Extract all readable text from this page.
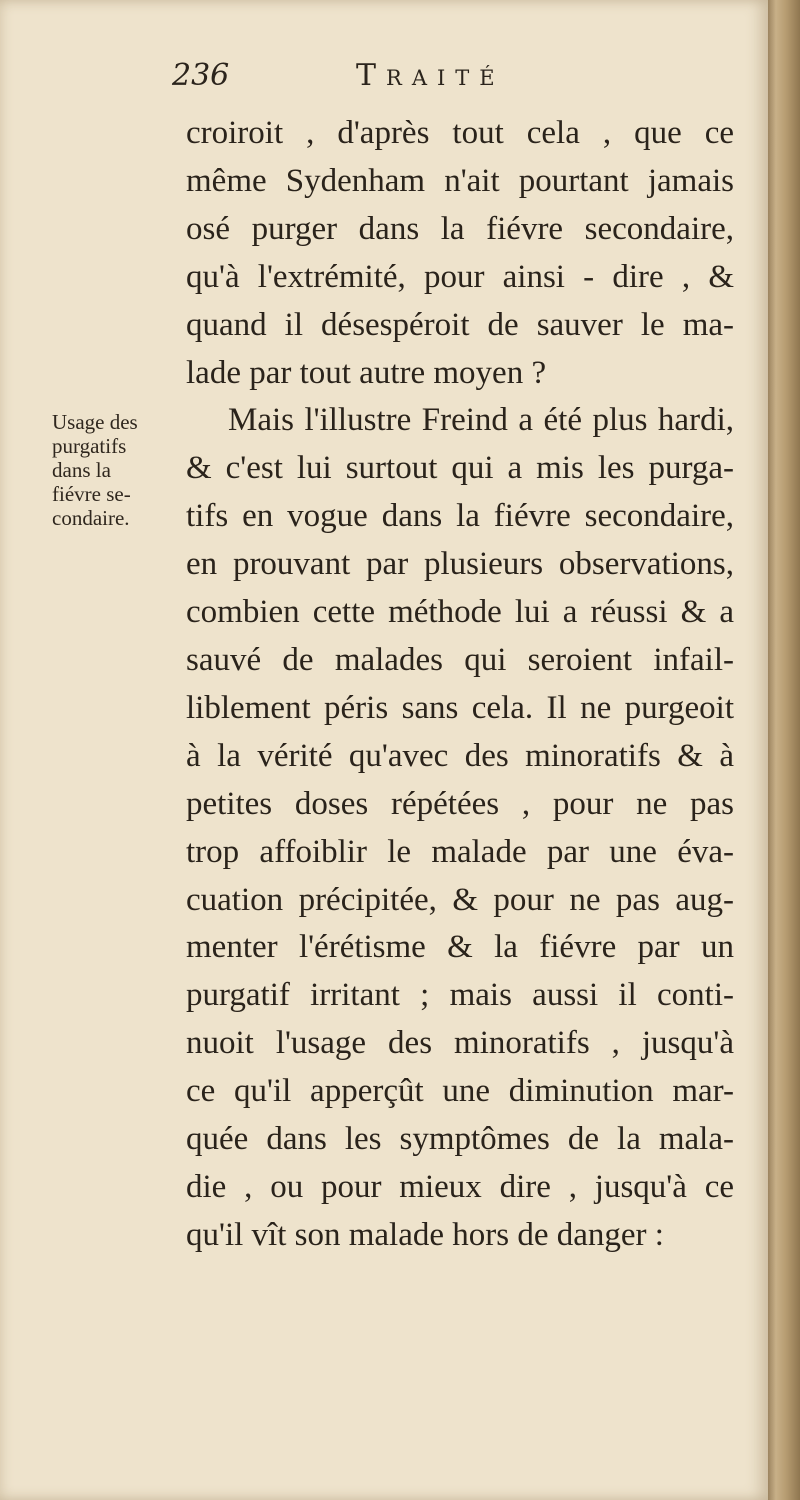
236	Traité
Usage des
purgatifs
dans la
fiévre se-
condaire.
croiroit , d'après tout cela , que ce
même Sydenham n'ait pourtant jamais
osé purger dans la fiévre secondaire,
qu'à l'extrémité, pour ainsi - dire , &
quand il désespéroit de sauver le ma-
lade par tout autre moyen ?
Mais l'illustre Freind a été plus hardi,
& c'est lui surtout qui a mis les purga-
tifs en vogue dans la fiévre secondaire,
en prouvant par plusieurs observations,
combien cette méthode lui a réussi & a
sauvé de malades qui seroient infail-
liblement péris sans cela. Il ne purgeoit
à la vérité qu'avec des minoratifs & à
petites doses répétées , pour ne pas
trop affoiblir le malade par une éva-
cuation précipitée, & pour ne pas aug-
menter l'érétisme & la fiévre par un
purgatif irritant ; mais aussi il conti-
nuoit l'usage des minoratifs , jusqu'à
ce qu'il apperçût une diminution mar-
quée dans les symptômes de la mala-
die , ou pour mieux dire , jusqu'à ce
qu'il vît son malade hors de danger :
